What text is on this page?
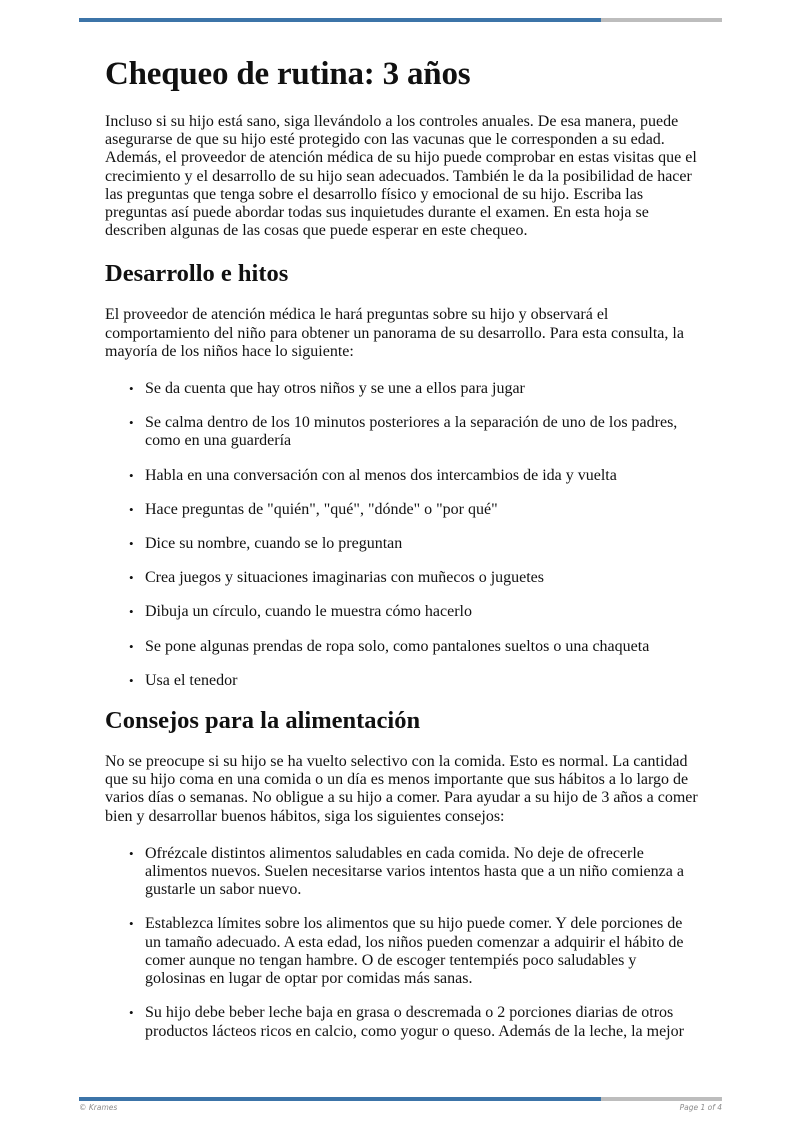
Chequeo de rutina: 3 años

Incluso si su hijo está sano, siga llevándolo a los controles anuales. De esa manera, puede asegurarse de que su hijo esté protegido con las vacunas que le corresponden a su edad. Además, el proveedor de atención médica de su hijo puede comprobar en estas visitas que el crecimiento y el desarrollo de su hijo sean adecuados. También le da la posibilidad de hacer las preguntas que tenga sobre el desarrollo físico y emocional de su hijo. Escriba las preguntas así puede abordar todas sus inquietudes durante el examen. En esta hoja se describen algunas de las cosas que puede esperar en este chequeo.

Desarrollo e hitos

El proveedor de atención médica le hará preguntas sobre su hijo y observará el comportamiento del niño para obtener un panorama de su desarrollo. Para esta consulta, la mayoría de los niños hace lo siguiente:

• Se da cuenta que hay otros niños y se une a ellos para jugar
• Se calma dentro de los 10 minutos posteriores a la separación de uno de los padres, como en una guardería
• Habla en una conversación con al menos dos intercambios de ida y vuelta
• Hace preguntas de "quién", "qué", "dónde" o "por qué"
• Dice su nombre, cuando se lo preguntan
• Crea juegos y situaciones imaginarias con muñecos o juguetes
• Dibuja un círculo, cuando le muestra cómo hacerlo
• Se pone algunas prendas de ropa solo, como pantalones sueltos o una chaqueta
• Usa el tenedor
Consejos para la alimentación

No se preocupe si su hijo se ha vuelto selectivo con la comida. Esto es normal. La cantidad que su hijo coma en una comida o un día es menos importante que sus hábitos a lo largo de varios días o semanas. No obligue a su hijo a comer. Para ayudar a su hijo de 3 años a comer bien y desarrollar buenos hábitos, siga los siguientes consejos:

• Ofrézcale distintos alimentos saludables en cada comida. No deje de ofrecerle alimentos nuevos. Suelen necesitarse varios intentos hasta que a un niño comienza a gustarle un sabor nuevo.
• Establezca límites sobre los alimentos que su hijo puede comer. Y dele porciones de un tamaño adecuado. A esta edad, los niños pueden comenzar a adquirir el hábito de comer aunque no tengan hambre. O de escoger tentempiés poco saludables y golosinas en lugar de optar por comidas más sanas.
• Su hijo debe beber leche baja en grasa o descremada o 2 porciones diarias de otros productos lácteos ricos en calcio, como yogur o queso. Además de la leche, la mejor
© Krames	Page 1 of 4
